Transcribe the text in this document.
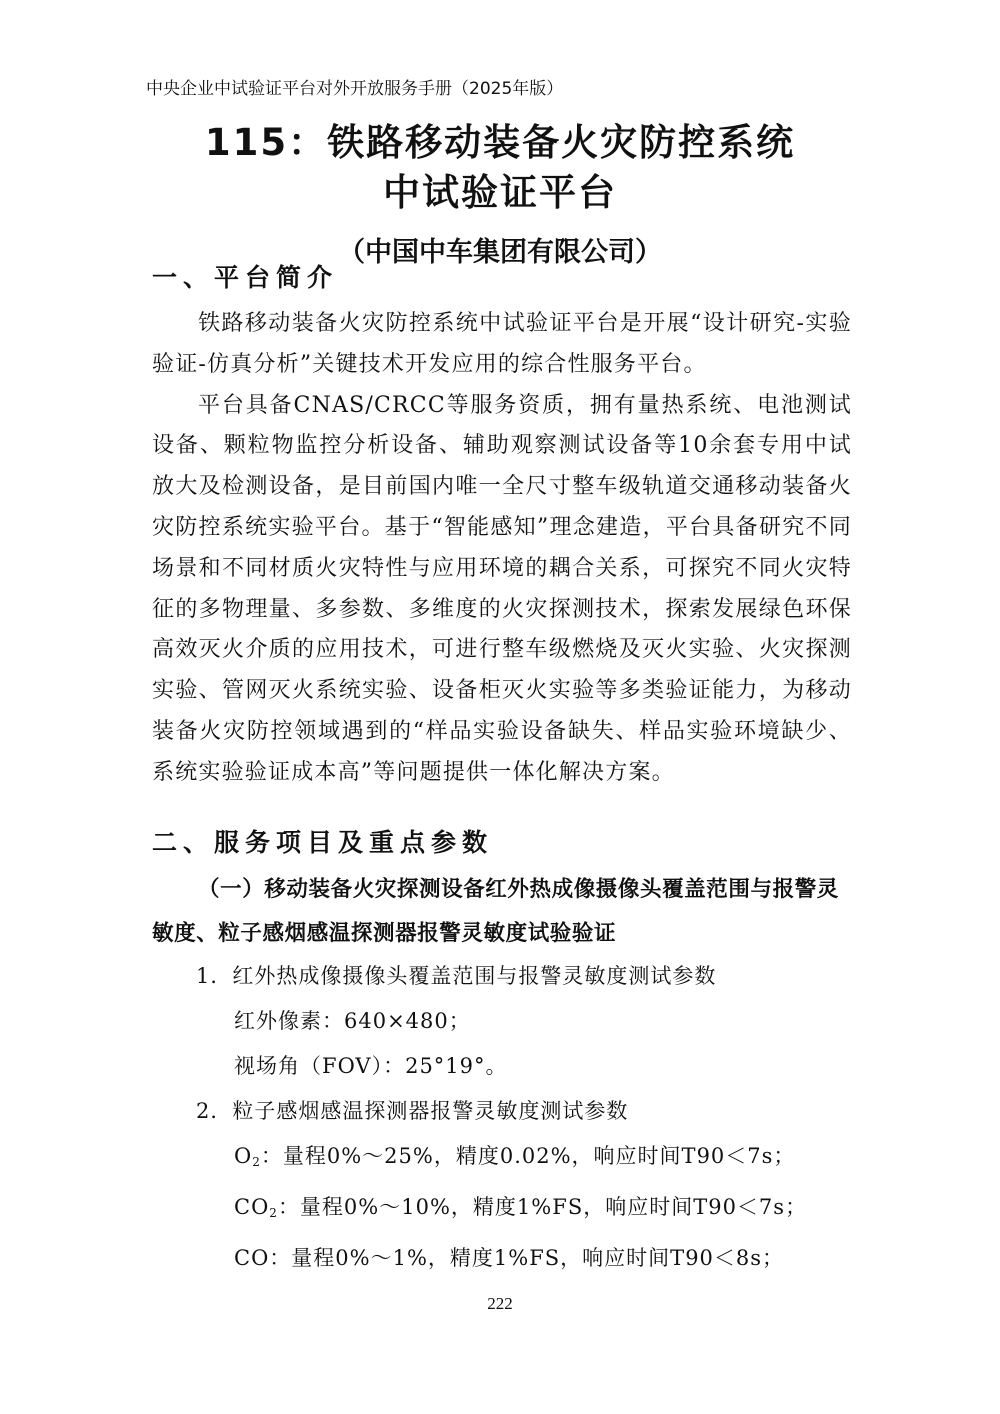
中央企业中试验证平台对外开放服务手册（2025年版）
115：铁路移动装备火灾防控系统
中试验证平台
（中国中车集团有限公司）
一、平台简介

铁路移动装备火灾防控系统中试验证平台是开展“设计研究-实验验证-仿真分析”关键技术开发应用的综合性服务平台。

平台具备CNAS/CRCC等服务资质，拥有量热系统、电池测试设备、颗粒物监控分析设备、辅助观察测试设备等10余套专用中试放大及检测设备，是目前国内唯一全尺寸整车级轨道交通移动装备火灾防控系统实验平台。基于“智能感知”理念建造，平台具备研究不同场景和不同材质火灾特性与应用环境的耦合关系，可探究不同火灾特征的多物理量、多参数、多维度的火灾探测技术，探索发展绿色环保高效灭火介质的应用技术，可进行整车级燃烧及灭火实验、火灾探测实验、管网灭火系统实验、设备柜灭火实验等多类验证能力，为移动装备火灾防控领域遇到的“样品实验设备缺失、样品实验环境缺少、系统实验验证成本高”等问题提供一体化解决方案。

二、服务项目及重点参数
（一）移动装备火灾探测设备红外热成像摄像头覆盖范围与报警灵敏度、粒子感烟感温探测器报警灵敏度试验验证
1．红外热成像摄像头覆盖范围与报警灵敏度测试参数
红外像素：640×480；
视场角（FOV）：25°19°。
2．粒子感烟感温探测器报警灵敏度测试参数
$O_2$：量程0%～25%，精度0.02%，响应时间T90＜7s；
$CO_2$：量程0%～10%，精度1%FS，响应时间T90＜7s；
CO：量程0%～1%，精度1%FS，响应时间T90＜8s；
222
